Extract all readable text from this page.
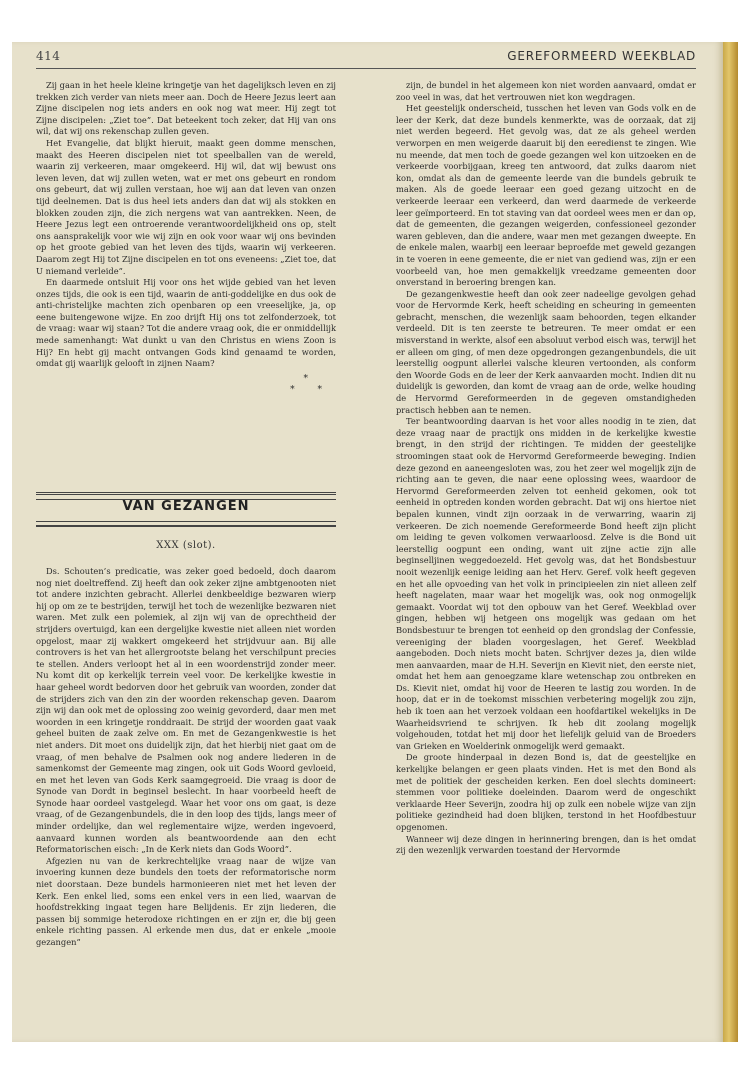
414	GEREFORMEERD WEEKBLAD

Zij gaan in het heele kleine kringetje van het dagelijksch leven en zij trekken zich verder van niets meer aan. Doch de Heere Jezus leert aan Zijne discipelen nog iets anders en ook nog wat meer. Hij zegt tot Zijne discipelen: „Ziet toe”. Dat beteekent toch zeker, dat Hij van ons wil, dat wij ons rekenschap zullen geven.

Het Evangelie, dat blijkt hieruit, maakt geen domme menschen, maakt des Heeren discipelen niet tot speelballen van de wereld, waarin zij verkeeren, maar omgekeerd. Hij wil, dat wij bewust ons leven leven, dat wij zullen weten, wat er met ons gebeurt en rondom ons gebeurt, dat wij zullen verstaan, hoe wij aan dat leven van onzen tijd deelnemen. Dat is dus heel iets anders dan dat wij als stokken en blokken zouden zijn, die zich nergens wat van aantrekken. Neen, de Heere Jezus legt een ontroerende verantwoordelijkheid ons op, stelt ons aansprakelijk voor wie wij zijn en ook voor waar wij ons bevinden op het groote gebied van het leven des tijds, waarin wij verkeeren. Daarom zegt Hij tot Zijne discipelen en tot ons eveneens: „Ziet toe, dat U niemand verleide”.

En daarmede ontsluit Hij voor ons het wijde gebied van het leven onzes tijds, die ook is een tijd, waarin de anti-goddelijke en dus ook de anti-christelijke machten zich openbaren op een vreeselijke, ja, op eene buitengewone wijze. En zoo drijft Hij ons tot zelfonderzoek, tot de vraag: waar wij staan? Tot die andere vraag ook, die er onmiddellijk mede samenhangt: Wat dunkt u van den Christus en wiens Zoon is Hij? En hebt gij macht ontvangen Gods kind genaamd te worden, omdat gij waarlijk gelooft in zijnen Naam?

*
* *
VAN GEZANGEN
XXX (slot).

Ds. Schouten’s predicatie, was zeker goed bedoeld, doch daarom nog niet doeltreffend. Zij heeft dan ook zeker zijne ambtgenooten niet tot andere inzichten gebracht. Allerlei denkbeeldige bezwaren wierp hij op om ze te bestrijden, terwijl het toch de wezenlijke bezwaren niet waren. Met zulk een polemiek, al zijn wij van de oprechtheid der strijders overtuigd, kan een dergelijke kwestie niet alleen niet worden opgelost, maar zij wakkert omgekeerd het strijdvuur aan. Bij alle controvers is het van het allergrootste belang het verschilpunt precies te stellen. Anders verloopt het al in een woordenstrijd zonder meer. Nu komt dit op kerkelijk terrein veel voor. De kerkelijke kwestie in haar geheel wordt bedorven door het gebruik van woorden, zonder dat de strijders zich van den zin der woorden rekenschap geven. Daarom zijn wij dan ook met de oplossing zoo weinig gevorderd, daar men met woorden in een kringetje ronddraait. De strijd der woorden gaat vaak geheel buiten de zaak zelve om. En met de Gezangenkwestie is het niet anders. Dit moet ons duidelijk zijn, dat het hierbij niet gaat om de vraag, of men behalve de Psalmen ook nog andere liederen in de samenkomst der Gemeente mag zingen, ook uit Gods Woord gevloeid, en met het leven van Gods Kerk saamgegroeid. Die vraag is door de Synode van Dordt in beginsel beslecht. In haar voorbeeld heeft de Synode haar oordeel vastgelegd. Waar het voor ons om gaat, is deze vraag, of de Gezangenbundels, die in den loop des tijds, langs meer of minder ordelijke, dan wel reglementaire wijze, werden ingevoerd, aanvaard kunnen worden als beantwoordende aan den echt Reformatorischen eisch: „In de Kerk niets dan Gods Woord”.

Afgezien nu van de kerkrechtelijke vraag naar de wijze van invoering kunnen deze bundels den toets der reformatorische norm niet doorstaan. Deze bundels harmonieeren niet met het leven der Kerk. Een enkel lied, soms een enkel vers in een lied, waarvan de hoofdstrekking ingaat tegen hare Belijdenis. Er zijn liederen, die passen bij sommige heterodoxe richtingen en er zijn er, die bij geen enkele richting passen. Al erkende men dus, dat er enkele „mooie gezangen”

zijn, de bundel in het algemeen kon niet worden aanvaard, omdat er zoo veel in was, dat het vertrouwen niet kon wegdragen.

Het geestelijk onderscheid, tusschen het leven van Gods volk en de leer der Kerk, dat deze bundels kenmerkte, was de oorzaak, dat zij niet werden begeerd. Het gevolg was, dat ze als geheel werden verworpen en men weigerde daaruit bij den eeredienst te zingen. Wie nu meende, dat men toch de goede gezangen wel kon uitzoeken en de verkeerde voorbijgaan, kreeg ten antwoord, dat zulks daarom niet kon, omdat als dan de gemeente leerde van die bundels gebruik te maken. Als de goede leeraar een goed gezang uitzocht en de verkeerde leeraar een verkeerd, dan werd daarmede de verkeerde leer geïmporteerd. En tot staving van dat oordeel wees men er dan op, dat de gemeenten, die gezangen weigerden, confessioneel gezonder waren gebleven, dan die andere, waar men met gezangen dweepte. En de enkele malen, waarbij een leeraar beproefde met geweld gezangen in te voeren in eene gemeente, die er niet van gediend was, zijn er een voorbeeld van, hoe men gemakkelijk vreedzame gemeenten door onverstand in beroering brengen kan.

De gezangenkwestie heeft dan ook zeer nadeelige gevolgen gehad voor de Hervormde Kerk, heeft scheiding en scheuring in gemeenten gebracht, menschen, die wezenlijk saam behoorden, tegen elkander verdeeld. Dit is ten zeerste te betreuren. Te meer omdat er een misverstand in werkte, alsof een absoluut verbod eisch was, terwijl het er alleen om ging, of men deze opgedrongen gezangenbundels, die uit leerstellig oogpunt allerlei valsche kleuren vertoonden, als conform den Woorde Gods en de leer der Kerk aanvaarden mocht. Indien dit nu duidelijk is geworden, dan komt de vraag aan de orde, welke houding de Hervormd Gereformeerden in de gegeven omstandigheden practisch hebben aan te nemen.

Ter beantwoording daarvan is het voor alles noodig in te zien, dat deze vraag naar de practijk ons midden in de kerkelijke kwestie brengt, in den strijd der richtingen. Te midden der geestelijke stroomingen staat ook de Hervormd Gereformeerde beweging. Indien deze gezond en aaneengesloten was, zou het zeer wel mogelijk zijn de richting aan te geven, die naar eene oplossing wees, waardoor de Hervormd Gereformeerden zelven tot eenheid gekomen, ook tot eenheid in optreden konden worden gebracht. Dat wij ons hiertoe niet bepalen kunnen, vindt zijn oorzaak in de verwarring, waarin zij verkeeren. De zich noemende Gereformeerde Bond heeft zijn plicht om leiding te geven volkomen verwaarloosd. Zelve is die Bond uit leerstellig oogpunt een onding, want uit zijne actie zijn alle beginselljinen weggedoezeld. Het gevolg was, dat het Bondsbestuur nooit wezenlijk eenige leiding aan het Herv. Geref. volk heeft gegeven en het alle opvoeding van het volk in principieelen zin niet alleen zelf heeft nagelaten, maar waar het mogelijk was, ook nog onmogelijk gemaakt. Voordat wij tot den opbouw van het Geref. Weekblad over gingen, hebben wij hetgeen ons mogelijk was gedaan om het Bondsbestuur te brengen tot eenheid op den grondslag der Confessie, vereeniging der bladen voorgeslagen, het Geref. Weekblad aangeboden. Doch niets mocht baten. Schrijver dezes ja, dien wilde men aanvaarden, maar de H.H. Severijn en Kievit niet, den eerste niet, omdat het hem aan genoegzame klare wetenschap zou ontbreken en Ds. Kievit niet, omdat hij voor de Heeren te lastig zou worden. In de hoop, dat er in de toekomst misschien verbetering mogelijk zou zijn, heb ik toen aan het verzoek voldaan een hoofdartikel wekelijks in De Waarheidsvriend te schrijven. Ik heb dit zoolang mogelijk volgehouden, totdat het mij door het liefelijk geluid van de Broeders van Grieken en Woelderink onmogelijk werd gemaakt.

De groote hinderpaal in dezen Bond is, dat de geestelijke en kerkelijke belangen er geen plaats vinden. Het is met den Bond als met de politiek der gescheiden kerken. Een doel slechts domineert: stemmen voor politieke doeleinden. Daarom werd de ongeschikt verklaarde Heer Severijn, zoodra hij op zulk een nobele wijze van zijn politieke gezindheid had doen blijken, terstond in het Hoofdbestuur opgenomen.

Wanneer wij deze dingen in herinnering brengen, dan is het omdat zij den wezenlijk verwarden toestand der Hervormde
